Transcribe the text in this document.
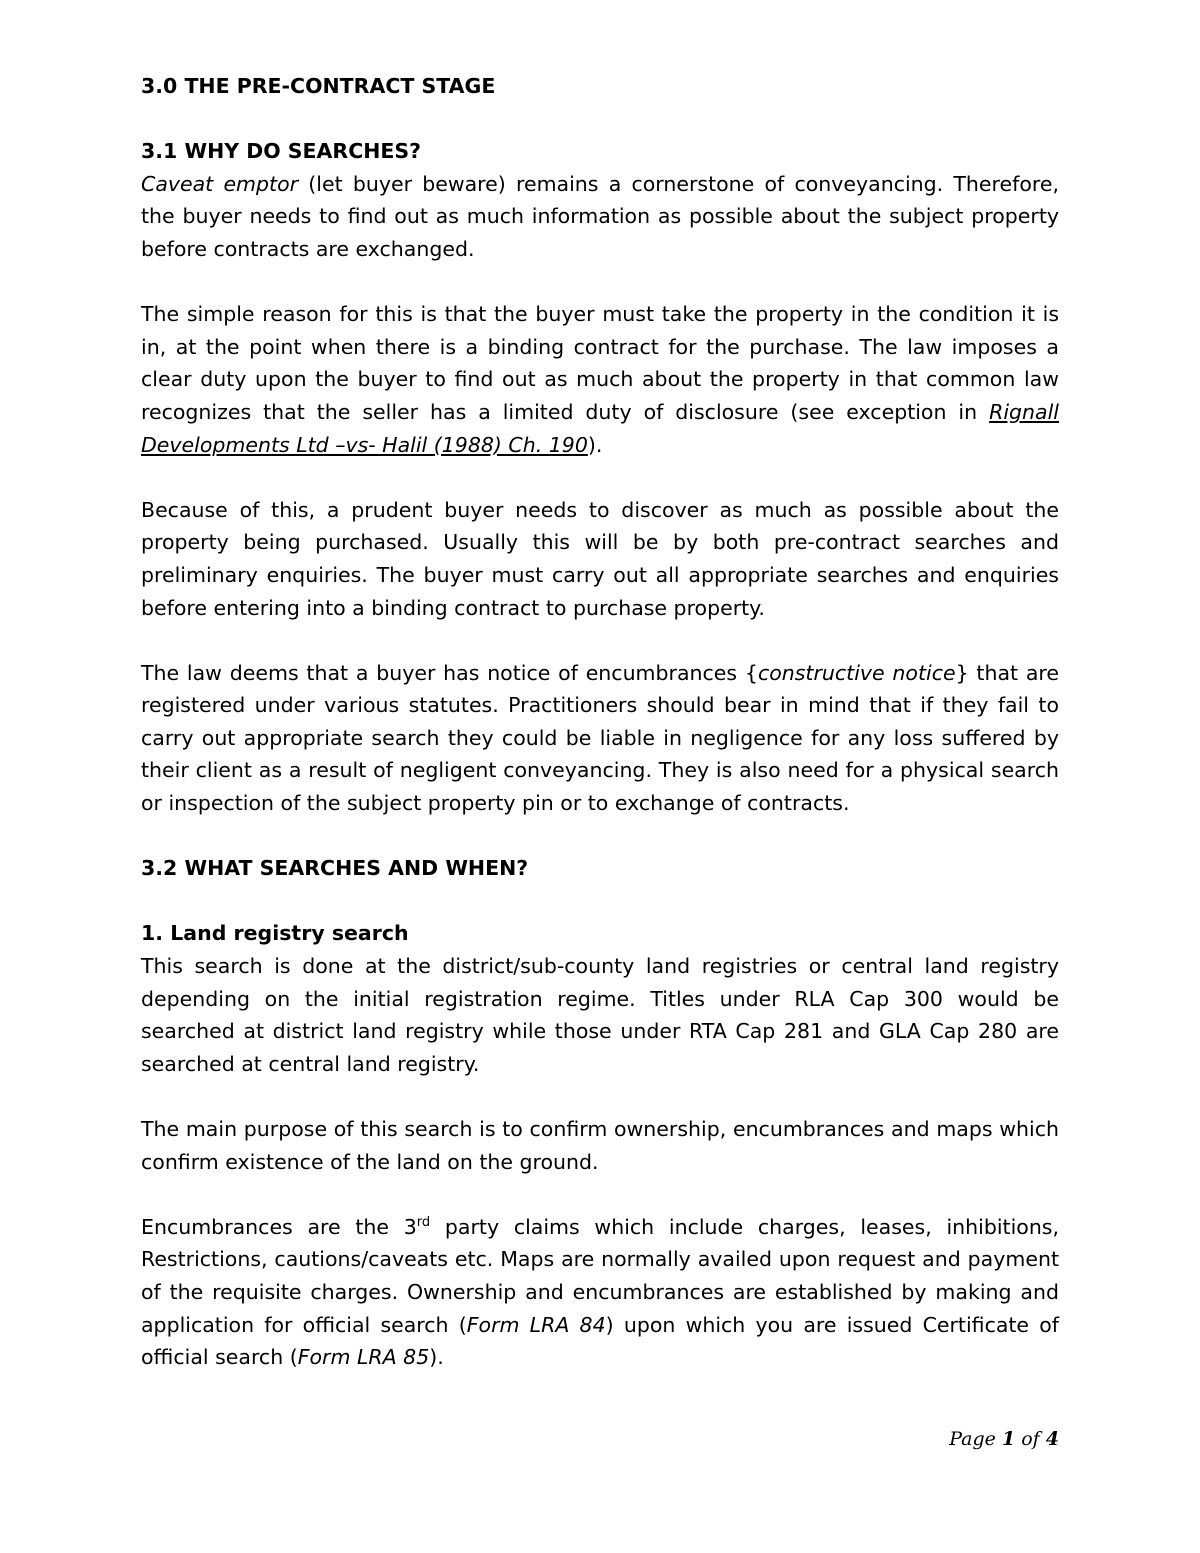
3.0 THE PRE-CONTRACT STAGE

3.1 WHY DO SEARCHES?

Caveat emptor (let buyer beware) remains a cornerstone of conveyancing. Therefore, the buyer needs to find out as much information as possible about the subject property before contracts are exchanged.

The simple reason for this is that the buyer must take the property in the condition it is in, at the point when there is a binding contract for the purchase. The law imposes a clear duty upon the buyer to find out as much about the property in that common law recognizes that the seller has a limited duty of disclosure (see exception in Rignall Developments Ltd –vs- Halil (1988) Ch. 190).

Because of this, a prudent buyer needs to discover as much as possible about the property being purchased. Usually this will be by both pre-contract searches and preliminary enquiries. The buyer must carry out all appropriate searches and enquiries before entering into a binding contract to purchase property.

The law deems that a buyer has notice of encumbrances {constructive notice} that are registered under various statutes. Practitioners should bear in mind that if they fail to carry out appropriate search they could be liable in negligence for any loss suffered by their client as a result of negligent conveyancing. They is also need for a physical search or inspection of the subject property pin or to exchange of contracts.

3.2 WHAT SEARCHES AND WHEN?

1. Land registry search

This search is done at the district/sub-county land registries or central land registry depending on the initial registration regime. Titles under RLA Cap 300 would be searched at district land registry while those under RTA Cap 281 and GLA Cap 280 are searched at central land registry.

The main purpose of this search is to confirm ownership, encumbrances and maps which confirm existence of the land on the ground.

Encumbrances are the 3rd party claims which include charges, leases, inhibitions, Restrictions, cautions/caveats etc. Maps are normally availed upon request and payment of the requisite charges. Ownership and encumbrances are established by making and application for official search (Form LRA 84) upon which you are issued Certificate of official search (Form LRA 85).

Page 1 of 4
